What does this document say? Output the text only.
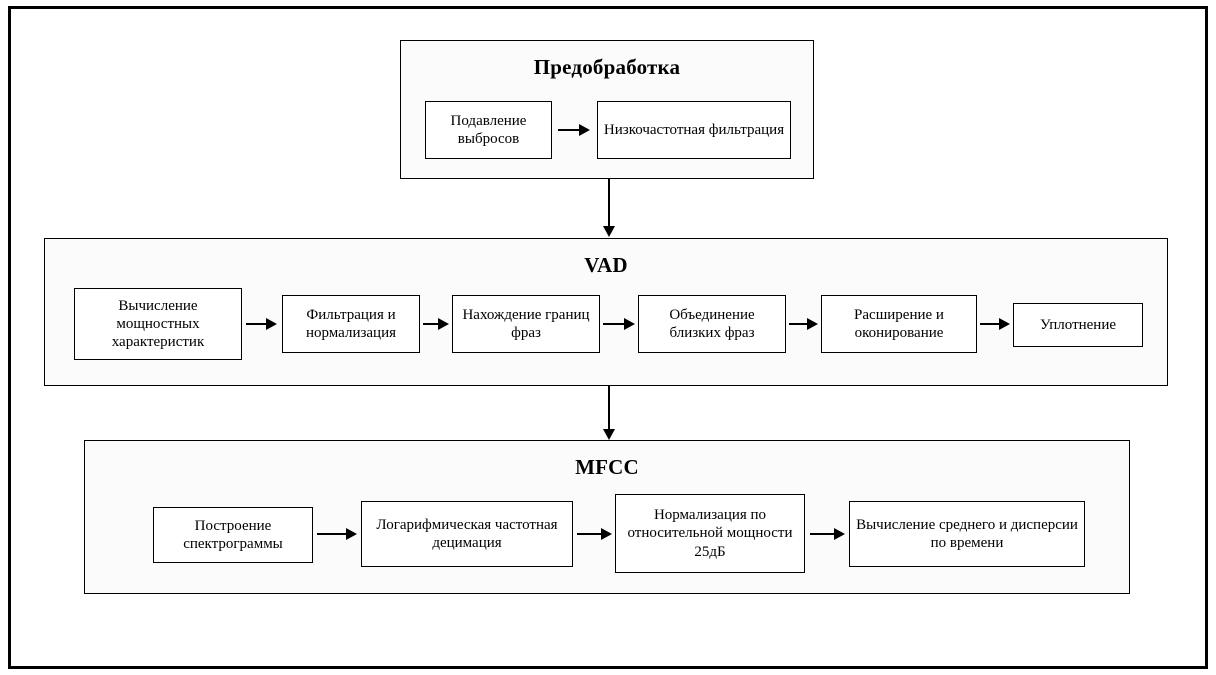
Предобработка
Подавление выбросов
Низкочастотная фильтрация
VAD
Вычисление мощностных характеристик
Фильтрация и нормализация
Нахождение границ фраз
Объединение близких фраз
Расширение и оконирование
Уплотнение
MFCC
Построение спектрограммы
Логарифмическая частотная децимация
Нормализация по относительной мощности 25дБ
Вычисление среднего и дисперсии по времени
